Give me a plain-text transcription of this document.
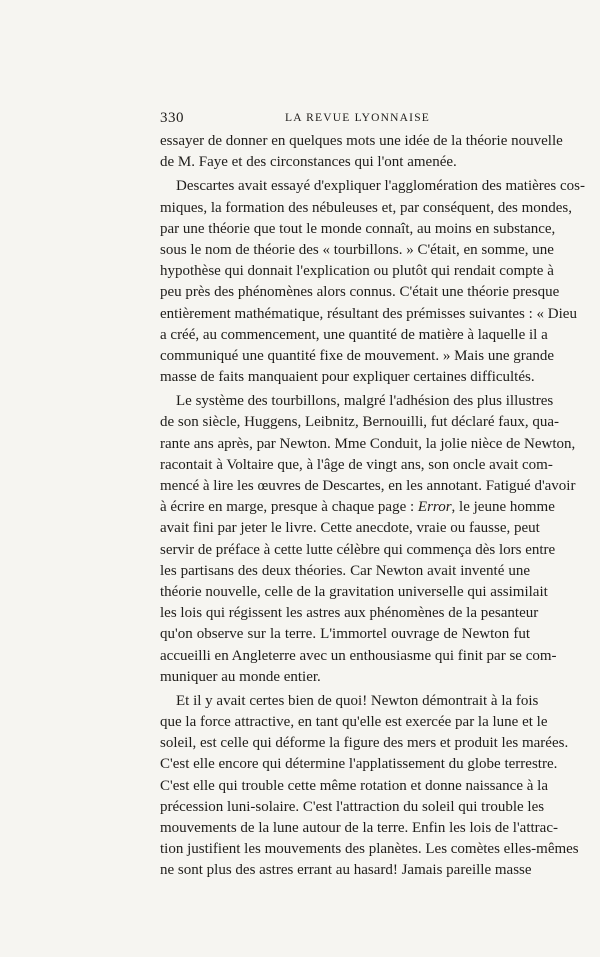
330	LA REVUE LYONNAISE
essayer de donner en quelques mots une idée de la théorie nouvelle
de M. Faye et des circonstances qui l'ont amenée.
Descartes avait essayé d'expliquer l'agglomération des matières cos-
miques, la formation des nébuleuses et, par conséquent, des mondes,
par une théorie que tout le monde connaît, au moins en substance,
sous le nom de théorie des « tourbillons. » C'était, en somme, une
hypothèse qui donnait l'explication ou plutôt qui rendait compte à
peu près des phénomènes alors connus. C'était une théorie presque
entièrement mathématique, résultant des prémisses suivantes : « Dieu
a créé, au commencement, une quantité de matière à laquelle il a
communiqué une quantité fixe de mouvement. » Mais une grande
masse de faits manquaient pour expliquer certaines difficultés.
Le système des tourbillons, malgré l'adhésion des plus illustres
de son siècle, Huggens, Leibnitz, Bernouilli, fut déclaré faux, qua-
rante ans après, par Newton. Mme Conduit, la jolie nièce de Newton,
racontait à Voltaire que, à l'âge de vingt ans, son oncle avait com-
mencé à lire les œuvres de Descartes, en les annotant. Fatigué d'avoir
à écrire en marge, presque à chaque page : Error, le jeune homme
avait fini par jeter le livre. Cette anecdote, vraie ou fausse, peut
servir de préface à cette lutte célèbre qui commença dès lors entre
les partisans des deux théories. Car Newton avait inventé une
théorie nouvelle, celle de la gravitation universelle qui assimilait
les lois qui régissent les astres aux phénomènes de la pesanteur
qu'on observe sur la terre. L'immortel ouvrage de Newton fut
accueilli en Angleterre avec un enthousiasme qui finit par se com-
muniquer au monde entier.
Et il y avait certes bien de quoi! Newton démontrait à la fois
que la force attractive, en tant qu'elle est exercée par la lune et le
soleil, est celle qui déforme la figure des mers et produit les marées.
C'est elle encore qui détermine l'applatissement du globe terrestre.
C'est elle qui trouble cette même rotation et donne naissance à la
précession luni-solaire. C'est l'attraction du soleil qui trouble les
mouvements de la lune autour de la terre. Enfin les lois de l'attrac-
tion justifient les mouvements des planètes. Les comètes elles-mêmes
ne sont plus des astres errant au hasard! Jamais pareille masse
